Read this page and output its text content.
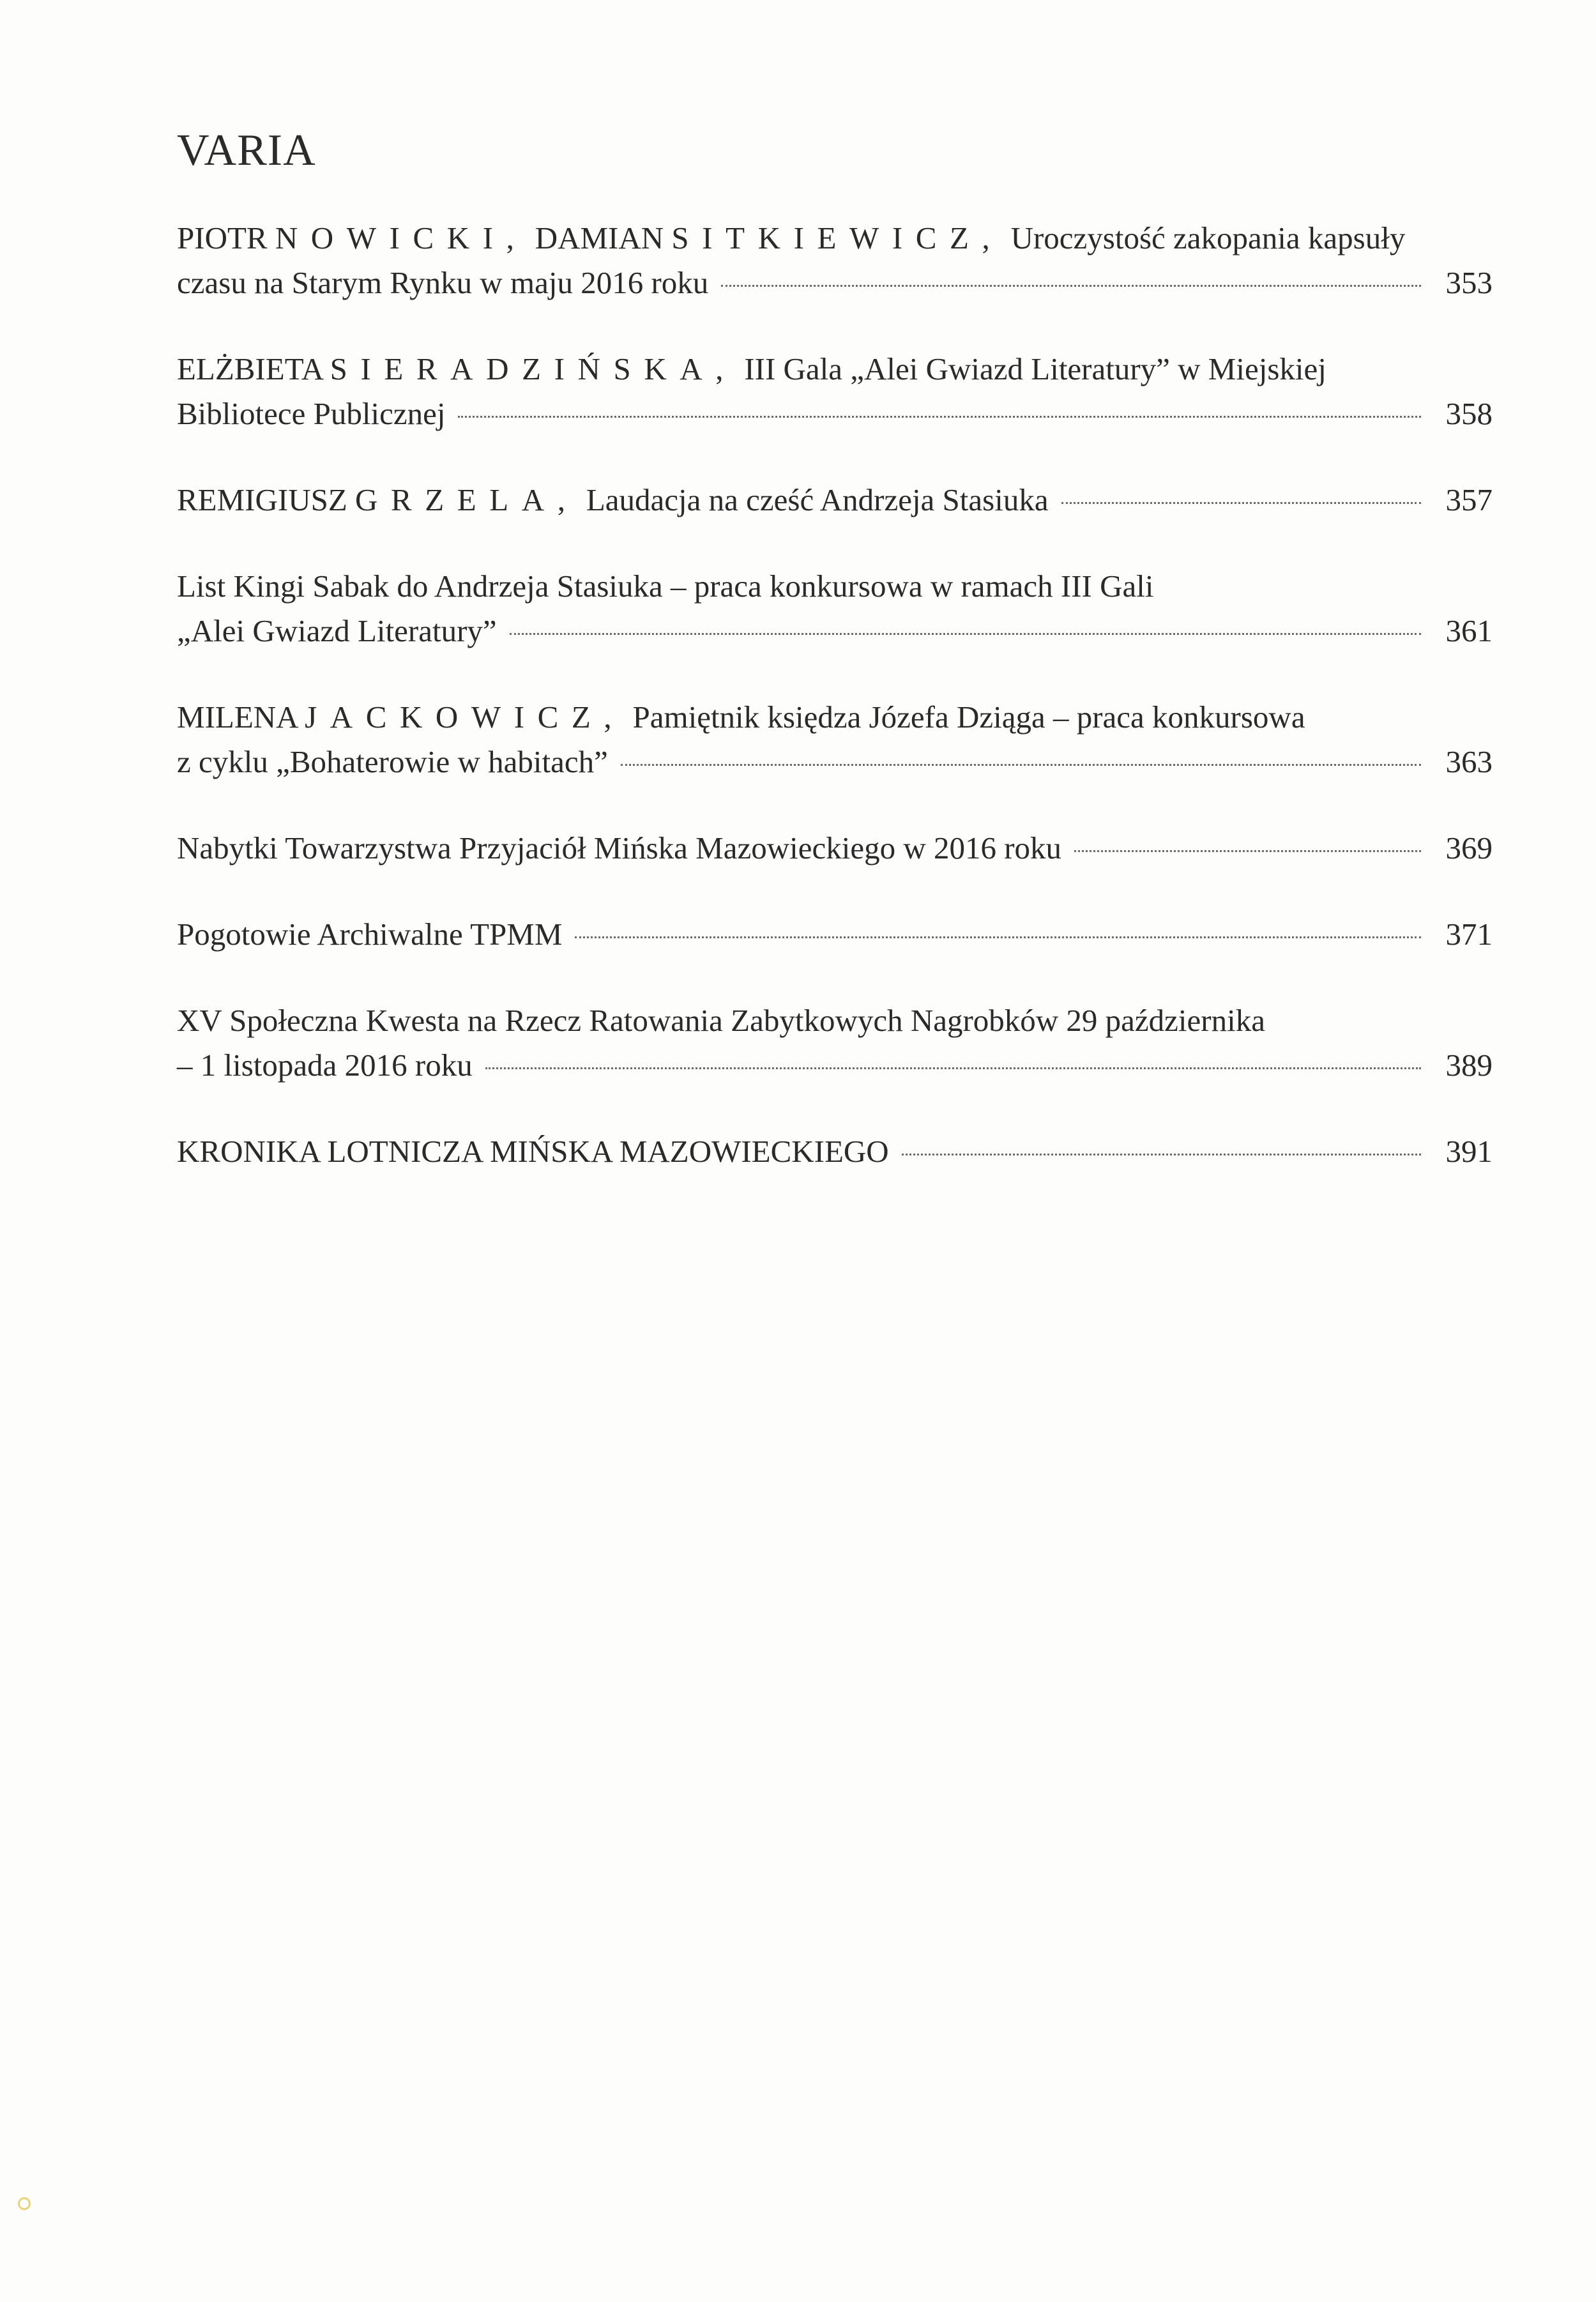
VARIA
PIOTR NOWICKI, DAMIAN SITKIEWICZ, Uroczystość zakopania kapsuły
czasu na Starym Rynku w maju 2016 roku	353
ELŻBIETA SIERADZIŃSKA, III Gala „Alei Gwiazd Literatury” w Miejskiej
Bibliotece Publicznej	358
REMIGIUSZ GRZELA, Laudacja na cześć Andrzeja Stasiuka	357
List Kingi Sabak do Andrzeja Stasiuka – praca konkursowa w ramach III Gali
„Alei Gwiazd Literatury”	361
MILENA JACKOWICZ, Pamiętnik księdza Józefa Dziąga – praca konkursowa
z cyklu „Bohaterowie w habitach”	363
Nabytki Towarzystwa Przyjaciół Mińska Mazowieckiego w 2016 roku	369
Pogotowie Archiwalne TPMM	371
XV Społeczna Kwesta na Rzecz Ratowania Zabytkowych Nagrobków 29 października
– 1 listopada 2016 roku	389
KRONIKA LOTNICZA MIŃSKA MAZOWIECKIEGO	391
